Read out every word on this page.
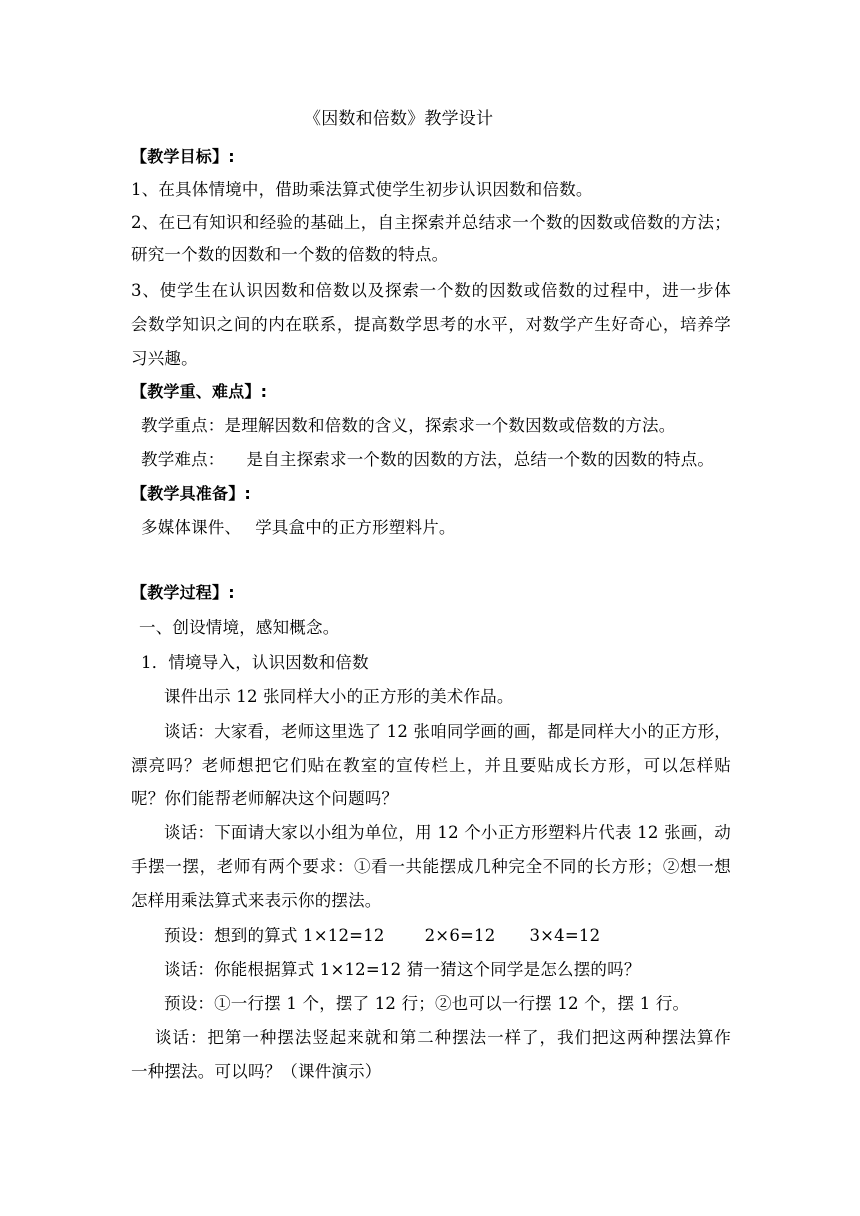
《因数和倍数》教学设计
【教学目标】:
1、在具体情境中，借助乘法算式使学生初步认识因数和倍数。
2、在已有知识和经验的基础上，自主探索并总结求一个数的因数或倍数的方法；
研究一个数的因数和一个数的倍数的特点。
3、使学生在认识因数和倍数以及探索一个数的因数或倍数的过程中，进一步体
会数学知识之间的内在联系，提高数学思考的水平，对数学产生好奇心，培养学
习兴趣。
【教学重、难点】:
教学重点：是理解因数和倍数的含义，探索求一个数因数或倍数的方法。
教学难点： 是自主探索求一个数的因数的方法，总结一个数的因数的特点。
【教学具准备】:
多媒体课件、 学具盒中的正方形塑料片。
【教学过程】:
一、创设情境，感知概念。
1．情境导入，认识因数和倍数
课件出示 12 张同样大小的正方形的美术作品。
谈话：大家看，老师这里选了 12 张咱同学画的画，都是同样大小的正方形，
漂亮吗？老师想把它们贴在教室的宣传栏上，并且要贴成长方形，可以怎样贴
呢？你们能帮老师解决这个问题吗？
谈话：下面请大家以小组为单位，用 12 个小正方形塑料片代表 12 张画，动
手摆一摆，老师有两个要求：①看一共能摆成几种完全不同的长方形；②想一想
怎样用乘法算式来表示你的摆法。
预设：想到的算式 1×12=12 2×6=12 3×4=12
谈话：你能根据算式 1×12=12 猜一猜这个同学是怎么摆的吗？
预设：①一行摆 1 个，摆了 12 行；②也可以一行摆 12 个，摆 1 行。
谈话：把第一种摆法竖起来就和第二种摆法一样了，我们把这两种摆法算作
一种摆法。可以吗？（课件演示）
